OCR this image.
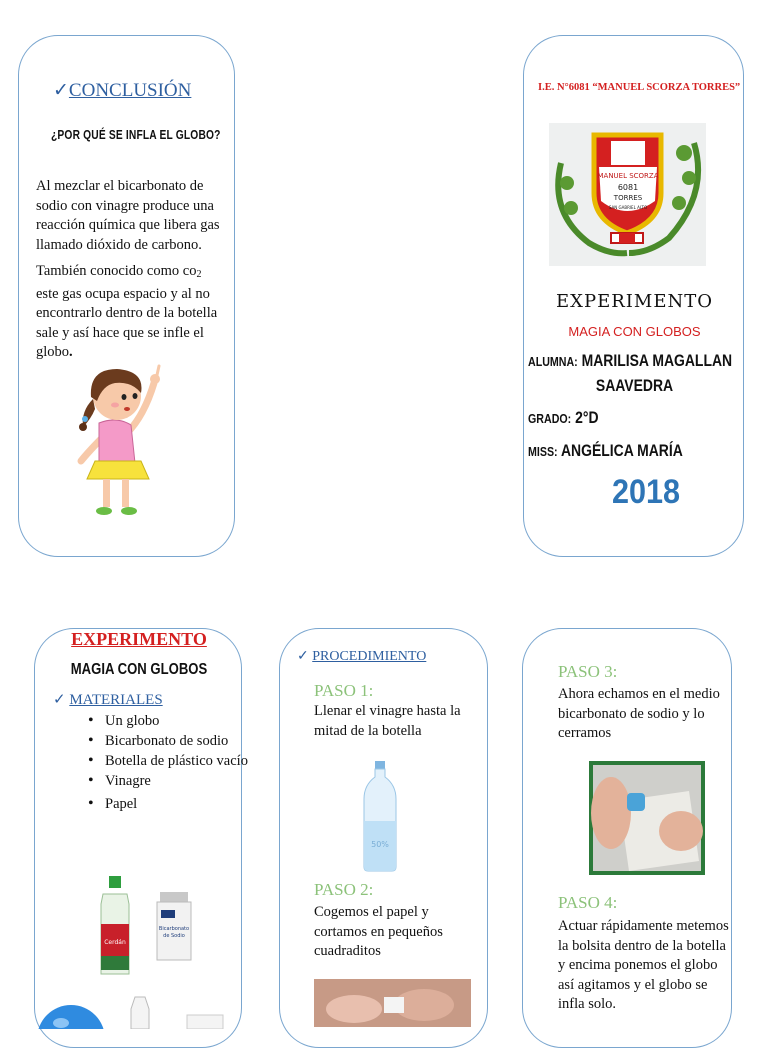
✓CONCLUSIÓN
¿POR QUÉ SE INFLA EL GLOBO?
Al mezclar el bicarbonato de sodio con vinagre produce una reacción química que libera gas llamado dióxido de carbono.
También conocido como co2
este gas ocupa espacio y al no
encontrarlo dentro de la botella
sale y así hace que se infle el
globo.
I.E. N°6081 “MANUEL SCORZA TORRES”
MANUEL SCORZA
6081
TORRES
SAN GABRIEL ALTO
EXPERIMENTO
MAGIA CON GLOBOS
ALUMNA: MARILISA MAGALLAN
SAAVEDRA
GRADO: 2°D
MISS: ANGÉLICA MARÍA
2018
EXPERIMENTO
MAGIA CON GLOBOS
✓ MATERIALES
• Un globo
• Bicarbonato de sodio
• Botella de plástico vacío
• Vinagre
• Papel
Cerdán
Bicarbonato
de Sodio
✓ PROCEDIMIENTO
PASO 1:
Llenar el vinagre hasta la mitad de la botella
50%
PASO 2:
Cogemos el papel y cortamos en pequeños cuadraditos
PASO 3:
Ahora echamos en el medio bicarbonato de sodio y lo cerramos
PASO 4:
Actuar rápidamente metemos la bolsita dentro de la botella y encima ponemos el globo así agitamos y el globo se infla solo.
